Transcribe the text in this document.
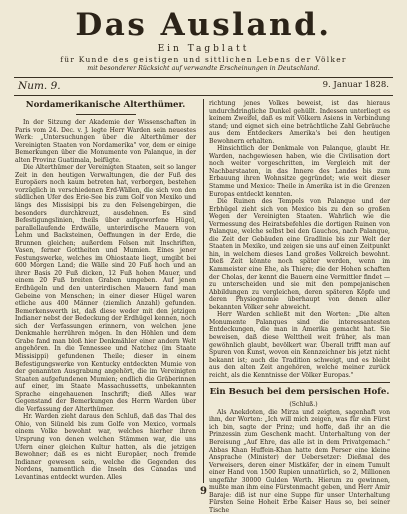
Das Ausland.
Ein Tagblatt
für Kunde des geistigen und sittlichen Lebens der Völker
mit besonderer Rücksicht auf verwandte Erscheinungen in Deutschland.
Num. 9.	9. Januar 1828.
Nordamerikanische Alterthümer.

In der Sitzung der Akademie der Wissenschaften in Paris vom 24. Dec. v. J. legte Herr Warden sein neuestes Werk: „Untersuchungen über die Alterthümer der Vereinigten Staaten von Nordamerika" vor, dem er einige Bemerkungen über die Monumente von Palanque, in der alten Provinz Guatimala, beifügte.

Die Alterthümer der Vereinigten Staaten, seit so langer Zeit in den heutigen Verwaltungen, die der Fuß des Europäers noch kaum betreten hat, verborgen, bestehen vorzüglich in verschiedenen Erd-Wällen, die sich von den südlichen Ufer des Erie-See bis zum Golf von Mexiko und längs des Missisippi bis zu den Felsengebirgen, die besonders durchkreuzt, ausdehnen. Es sind Befestigungslinien, theils über aufgeworfene Hügel, parallellaufende Erdwälle, unterirdische Mauern von Lehm und Backsteinen, Oeffnungen in der Erde, die Brunnen gleichen; außerdem Felsen mit Inschriften, Vasen, ferner Gottheiten und Mumien. Eines jener Festungswerke, welches im Ohiostaate liegt, umgibt bei 600 Morgen Land; die Wälle sind 20 Fuß hoch und an ihrer Basis 20 Fuß dicken, 12 Fuß hohen Mauer, und einem 20 Fuß breiten Graben umgeben. Auf jenen Erdhügeln und den unterirdischen Mauern fand man Gebeine von Menschen; in einer dieser Hügel waren etliche aus 400 Männer (ziemlich Anzahl) gefunden. Bemerkenswerth ist, daß diese weder mit den jetzigen Indianer nebst der Bedeckung der Erdhügel kennen, noch sich der Verfassungen erinnern, von welchen jene Denkmahle herrühren mögen. In den Höhlen und dem Grabe fand man bloß hier Denkmähler einer andern Welt angehören. In die Tennessee und Natchez (im Staate Missisippi) gefundenen Theile; dieser in einem Befestigungswerke von Kentucky entdeckten Mumie von der genannten Ausgrabung angehört, die im Vereinigten Staaten aufgefundenen Mumien; endlich die Gräberinnen auf einer, im Staate Massachussetts, unbekannten Sprache eingehauenen Inschrift; dieß Alles war Gegenstand der Bemerkungen des Herrn Warden über die Verfassung der Alterthümer.

Hr. Warden zieht daraus den Schluß, daß das Thal des Ohio, von Siüneld bis zum Golfe von Mexico, vormals einem Volke bewohnt war, welches hierher ihren Ursprung von denen welchen Stämmen war, die uns Ufern einer gleichen Kultur hatten, als die jetzigen Bewohner; daß es es nicht Europäer, noch fremde Indianer gewesen sein, welche die Gegenden des Nordens, namentlich die Inseln des Canadas und Levantinas entdeckt wurden. Alles

richtung jenes Volkes beweist, ist das hieraus undurchdringliche Dunkel gehüllt. Indessen unterliegt es keinem Zweifel, daß es mit Völkern Asiens in Verbindung stand; und eignet sich eine beträchtliche Zahl Gebräuche aus dem Entdeckers Amerika's bei den heutigen Bewohnern erhalten.

Hinsichtlich der Denkmale von Palanque, glaubt Hr. Warden, nachgewiesen haben, wie die Civilisation dort noch weiter vorgeschritten, im Vergleich mit der Nachbarstaaten, in das Innere des Landes bis zum Erbauung ihren Wohnsitze gegründet; wie weit dieser Stamme und Mexico: Theile in Amerika ist in die Grenzen Europas entdeckt kennten.

Die Ruinen des Tempels von Palanque und der Erbhügel zieht sich von Mexico bis zu den so großen Wegen der Vereinigten Staaten. Wahrlich wie die Vermessung des Heiratsbefehles die dortigen Ruinen von Palanque, welche selbst bei den Gauchos, nach Palanque, die Zeit der Gebäuden eine Gradlinie bis zur Welt der Staaten in Mexiko, und zeigen sie uns auf einen Zeitpunkt hin, in welchem dieses Land großes Volkreich bewohnt. Dieß Zeit könnte noch später werden, wenn im Kammeister eine Ehe, als Thiere; die der Hohen schaften der Cholas, der kennt die Bauern eine Vermittler findet — zu unterscheiden und sie mit den pompejanischen Abbildungen zu vergleichen, deren späteren Köpfe und deren Physiognomie überhaupt von denen aller bekannten Völker sehr abweicht.

Herr Warden schließt mit den Worten: „Die alten Monumente Palanques sind die interessantesten Entdeckungen, die man in Amerika gemacht hat. Sie beweisen, daß diese Welttheil weit früher, als man gewöhnlich glaubt, bevölkert war. Überall trifft man auf Spuren von Kunst, wovon ein Kennzeichner bis jetzt nicht bekannt ist; auch die Tradition schweigt, und es bleibt aus den alten Zeit angehören, welche meiner zurück reicht, als die Kenntnisse der Völker Europas."

Ein Besuch bei dem persischen Hofe.

(Schluß.)

Als Anekdoten, die Mirza und zeigten, sagenhaft von ihm, der Worten: „Ich will mich zeigen, was für ein Fürst ich bin, sagte der Prinz; und hoffe, daß ihr an die Prinzessin zum Geschenk macht. Unterhaltung von der Bereisung „Auf Ehre, das alle ist in dem Privatgemach." Abbas Khan Huffein-Khan hatte dem Perser eine kleine Ansprache (Minister) der Uebersetzer: Dießmal des Verweisers, deren einer Mistkäfer, der in einem Tumult einer Hand von 1500 Rupien unnatürlich, so 2, Millionen ungefähr 30000 Gulden Werth. Hierum zu gewinnen, mußte man ihm eine Fürstenmacht geben, und Herr Amir Baraje: diß ist nur eine Suppe für unser Unterhaltung Fürsten Seine Hoheit Erbe Kaiser Haus so, bei seiner Tische

9
